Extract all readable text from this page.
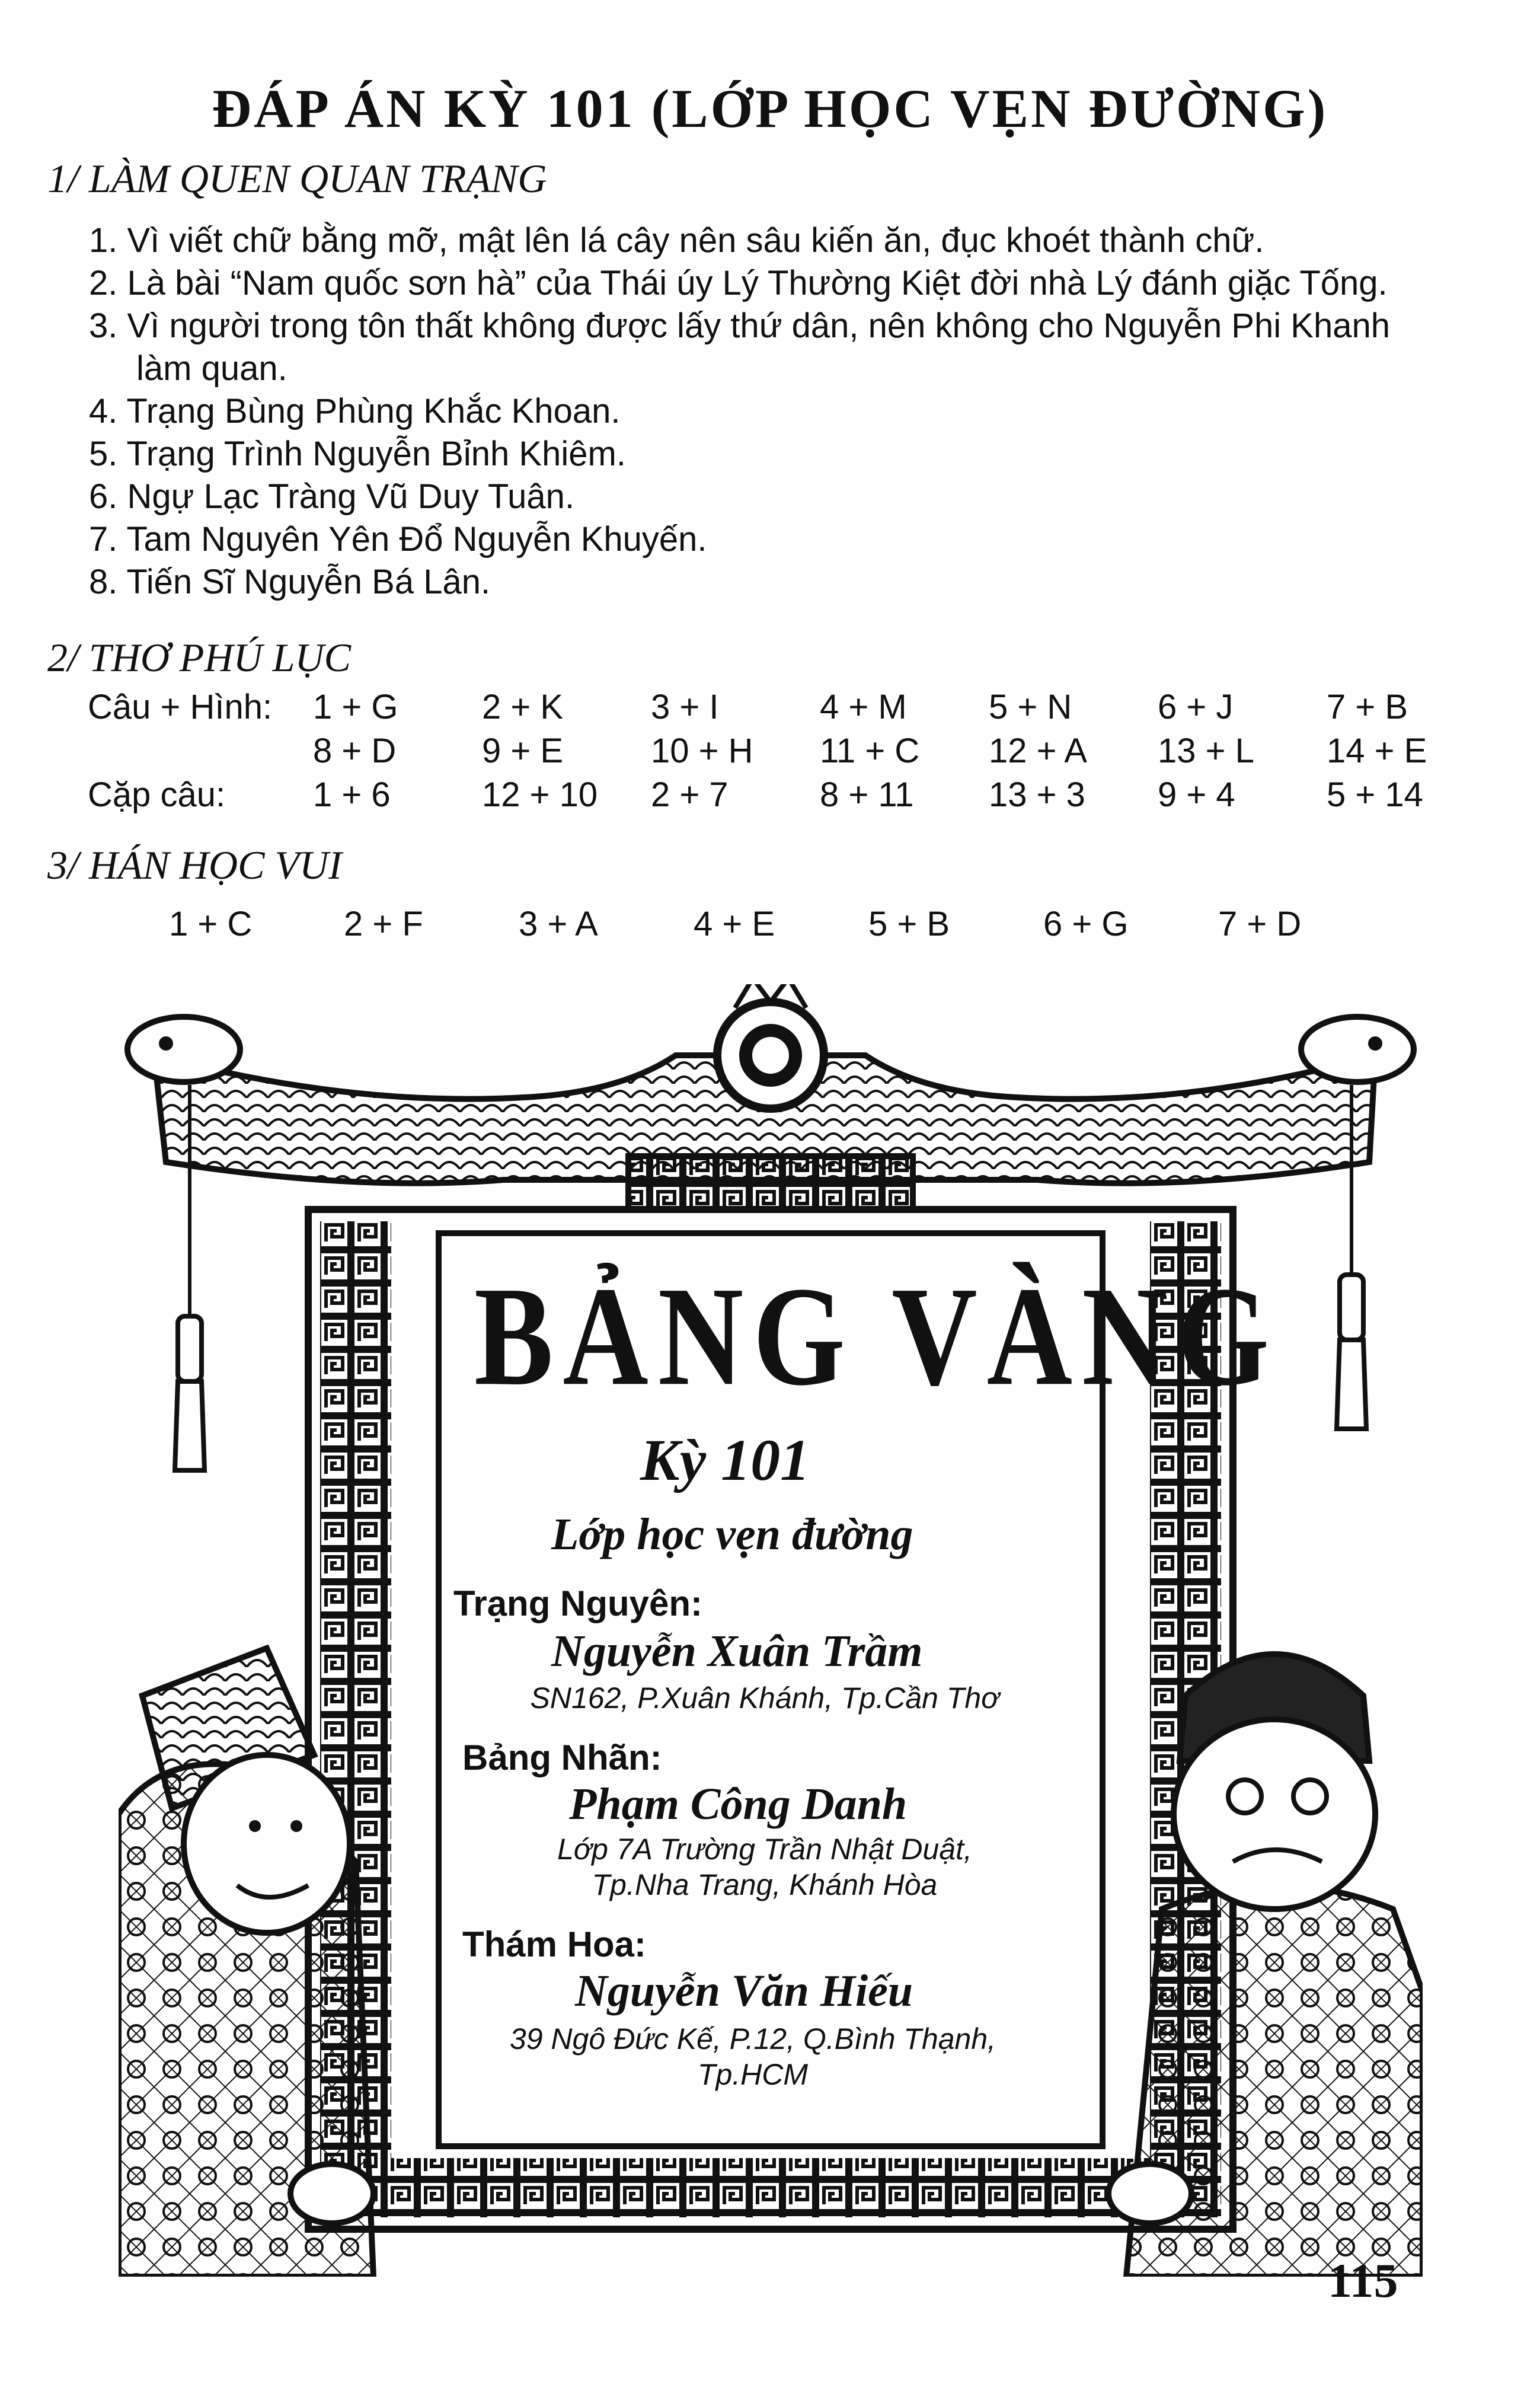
ĐÁP ÁN KỲ 101 (LỚP HỌC VẸN ĐƯỜNG)
1/ LÀM QUEN QUAN TRẠNG
1. Vì viết chữ bằng mỡ, mật lên lá cây nên sâu kiến ăn, đục khoét thành chữ.
2. Là bài “Nam quốc sơn hà” của Thái úy Lý Thường Kiệt đời nhà Lý đánh giặc Tống.
3. Vì người trong tôn thất không được lấy thứ dân, nên không cho Nguyễn Phi Khanh làm quan.
4. Trạng Bùng Phùng Khắc Khoan.
5. Trạng Trình Nguyễn Bỉnh Khiêm.
6. Ngự Lạc Tràng Vũ Duy Tuân.
7. Tam Nguyên Yên Đổ Nguyễn Khuyến.
8. Tiến Sĩ Nguyễn Bá Lân.
2/ THƠ PHÚ LỤC
Câu + Hình:	1 + G	2 + K	3 + I	4 + M	5 + N	6 + J	7 + B
	8 + D	9 + E	10 + H	11 + C	12 + A	13 + L	14 + E
Cặp câu:	1 + 6	12 + 10	2 + 7	8 + 11	13 + 3	9 + 4	5 + 14
3/ HÁN HỌC VUI
1 + C	2 + F	3 + A	4 + E	5 + B	6 + G	7 + D
BẢNG VÀNG
Kỳ 101
Lớp học vẹn đường
Trạng Nguyên:
Nguyễn Xuân Trầm
SN162, P.Xuân Khánh, Tp.Cần Thơ
Bảng Nhãn:
Phạm Công Danh
Lớp 7A Trường Trần Nhật Duật,
Tp.Nha Trang, Khánh Hòa
Thám Hoa:
Nguyễn Văn Hiếu
39 Ngô Đức Kế, P.12, Q.Bình Thạnh,
Tp.HCM
115
